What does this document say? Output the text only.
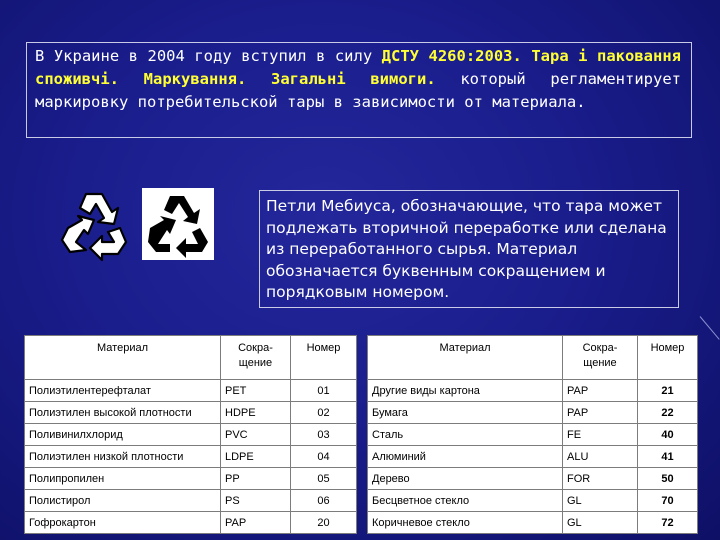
В Украине в 2004 году вступил в силу ДСТУ 4260:2003. Тара і паковання споживчі. Маркування. Загальні вимоги. который регламентирует маркировку потребительской тары в зависимости от материала.
Петли Мебиуса, обозначающие, что тара может подлежать вторичной переработке или сделана из переработанного сырья. Материал обозначается буквенным сокращением и порядковым номером.
Материал	Сокра-щение	Номер
Полиэтилентерефталат	PET	01
Полиэтилен высокой плотности	HDPE	02
Поливинилхлорид	PVC	03
Полиэтилен низкой плотности	LDPE	04
Полипропилен	PP	05
Полистирол	PS	06
Гофрокартон	PAP	20
Материал	Сокра-щение	Номер
Другие виды картона	PAP	21
Бумага	PAP	22
Сталь	FE	40
Алюминий	ALU	41
Дерево	FOR	50
Бесцветное стекло	GL	70
Коричневое стекло	GL	72
